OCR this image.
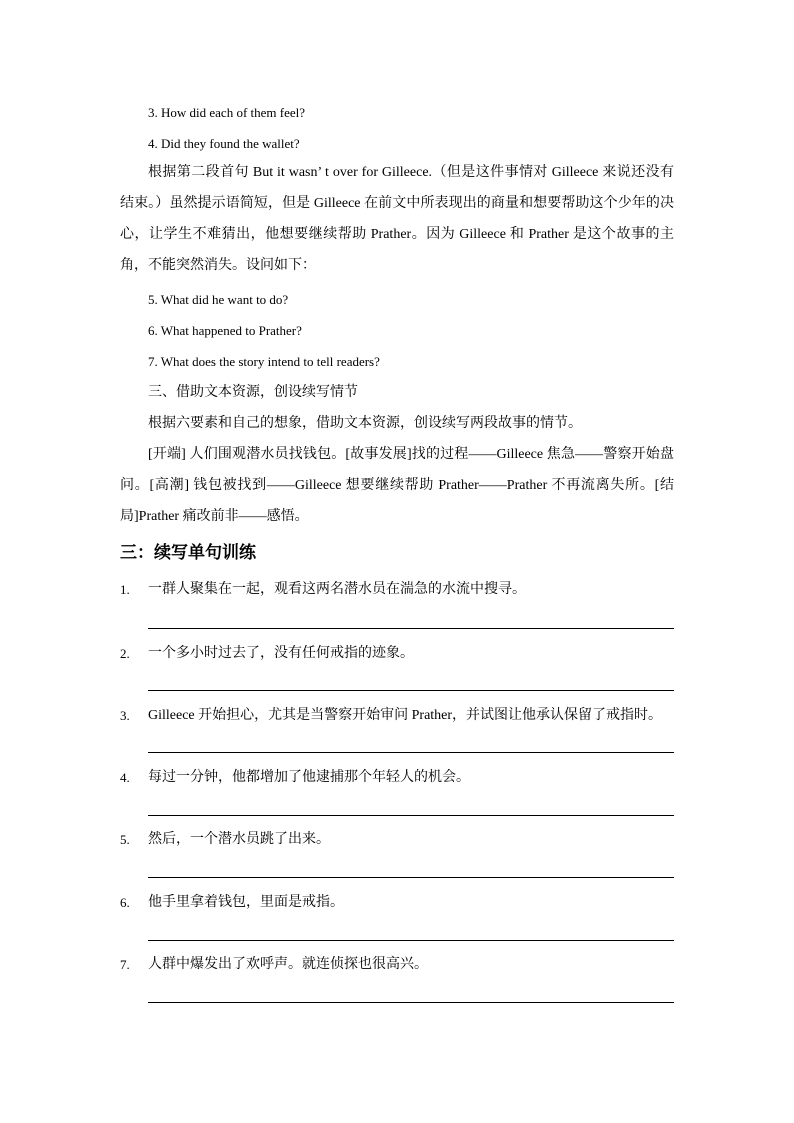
3. How did each of them feel?
4. Did they found the wallet?

根据第二段首句 But it wasn’ t over for Gilleece.（但是这件事情对 Gilleece 来说还没有结束。）虽然提示语简短，但是 Gilleece 在前文中所表现出的商量和想要帮助这个少年的决心，让学生不难猜出，他想要继续帮助 Prather。因为 Gilleece 和 Prather 是这个故事的主角，不能突然消失。设问如下：

5. What did he want to do?
6. What happened to Prather?
7. What does the story intend to tell readers?

三、借助文本资源，创设续写情节

根据六要素和自己的想象，借助文本资源，创设续写两段故事的情节。

[开端] 人们围观潜水员找钱包。[故事发展]找的过程——Gilleece 焦急——警察开始盘问。[高潮] 钱包被找到——Gilleece 想要继续帮助 Prather——Prather 不再流离失所。[结局]Prather 痛改前非——感悟。

三：续写单句训练
1. 一群人聚集在一起，观看这两名潜水员在湍急的水流中搜寻。
2. 一个多小时过去了，没有任何戒指的迹象。
3. Gilleece 开始担心，尤其是当警察开始审问 Prather，并试图让他承认保留了戒指时。
4. 每过一分钟，他都增加了他逮捕那个年轻人的机会。
5. 然后，一个潜水员跳了出来。
6. 他手里拿着钱包，里面是戒指。
7. 人群中爆发出了欢呼声。就连侦探也很高兴。
